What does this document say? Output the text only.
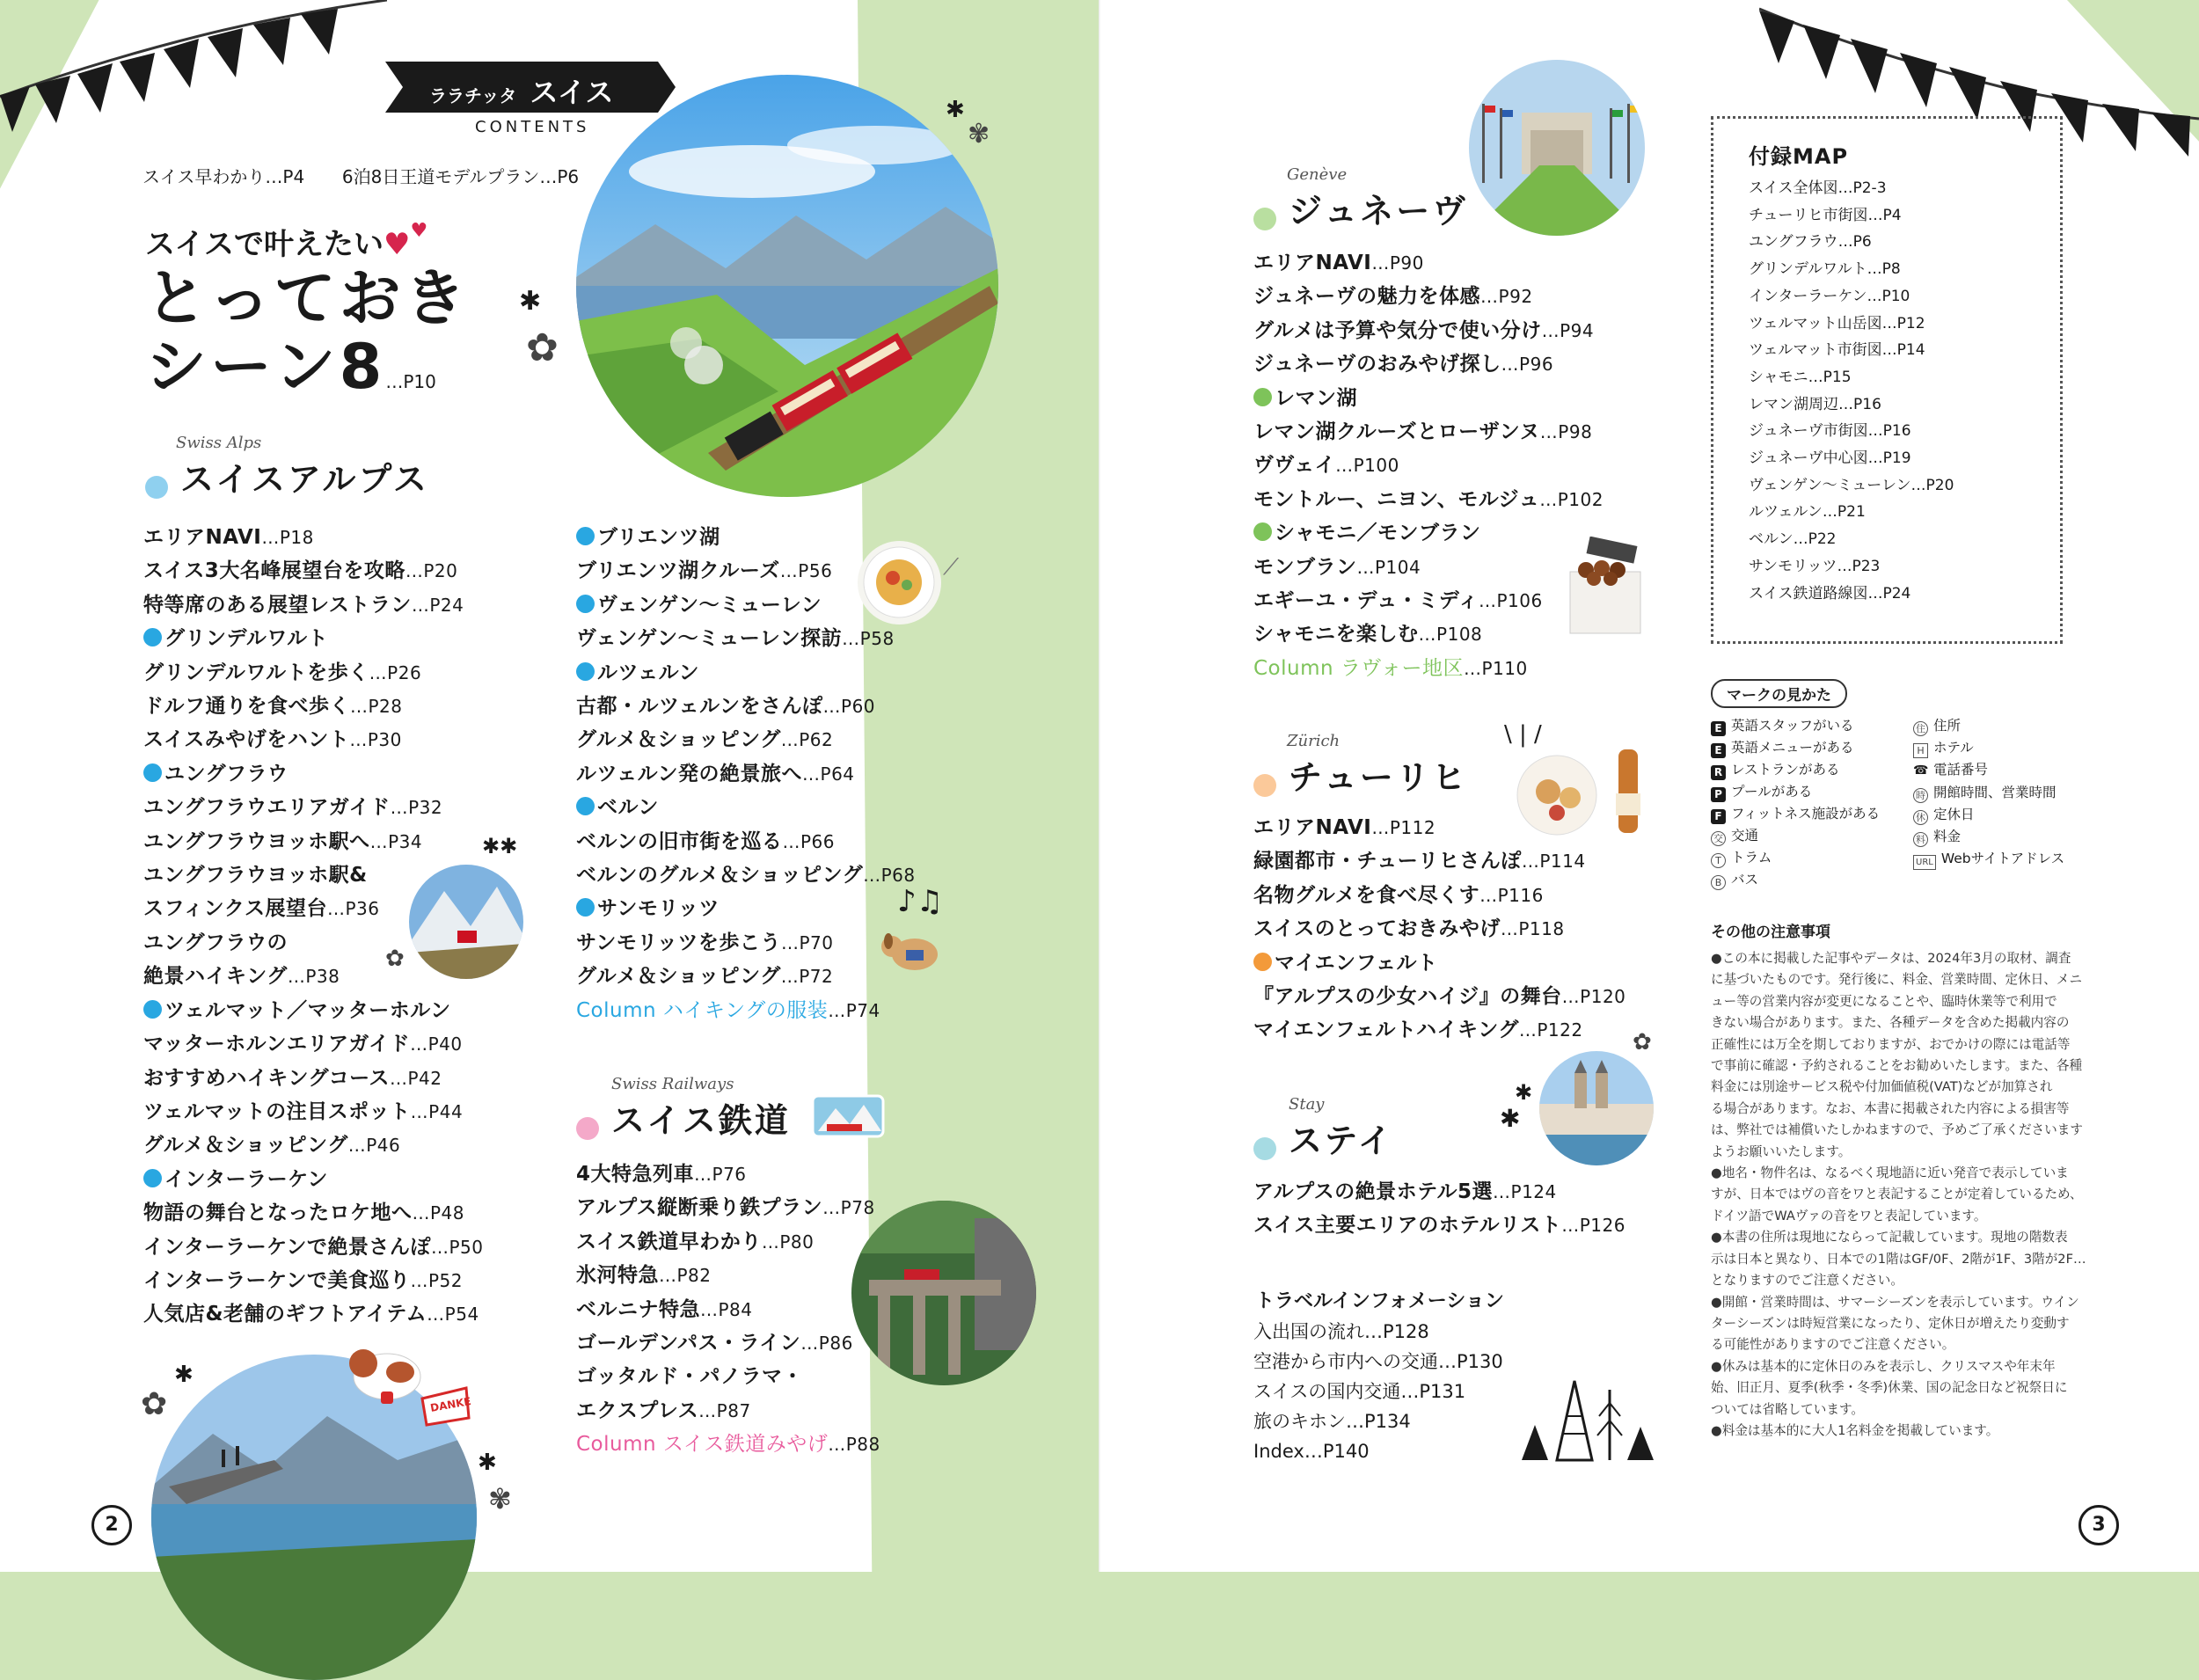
ララチッタ スイス
CONTENTS
スイス早わかり…P4 6泊8日王道モデルプラン…P6
スイスで叶えたい♥♥
とっておき
シーン8…P10
✱
✿
✱
✾
Swiss Alps
スイスアルプス
エリアNAVI…P18
スイス3大名峰展望台を攻略…P20
特等席のある展望レストラン…P24
グリンデルワルト
グリンデルワルトを歩く…P26
ドルフ通りを食べ歩く…P28
スイスみやげをハント…P30
ユングフラウ
ユングフラウエリアガイド…P32
ユングフラウヨッホ駅へ…P34
ユングフラウヨッホ駅&
スフィンクス展望台…P36
ユングフラウの
絶景ハイキング…P38
ツェルマット／マッターホルン
マッターホルンエリアガイド…P40
おすすめハイキングコース…P42
ツェルマットの注目スポット…P44
グルメ＆ショッピング…P46
インターラーケン
物語の舞台となったロケ地へ…P48
インターラーケンで絶景さんぽ…P50
インターラーケンで美食巡り…P52
人気店&老舗のギフトアイテム…P54
✱✱
✿
ブリエンツ湖
ブリエンツ湖クルーズ…P56
ヴェンゲン～ミューレン
ヴェンゲン～ミューレン探訪…P58
ルツェルン
古都・ルツェルンをさんぽ…P60
グルメ＆ショッピング…P62
ルツェルン発の絶景旅へ…P64
ベルン
ベルンの旧市街を巡る…P66
ベルンのグルメ＆ショッピング…P68
サンモリッツ
サンモリッツを歩こう…P70
グルメ＆ショッピング…P72
Column ハイキングの服装…P74
⟋
♪♫
Swiss Railways
スイス鉄道
4大特急列車…P76
アルプス縦断乗り鉄プラン…P78
スイス鉄道早わかり…P80
氷河特急…P82
ベルニナ特急…P84
ゴールデンパス・ライン…P86
ゴッタルド・パノラマ・
エクスプレス…P87
Column スイス鉄道みやげ…P88
✱
✿
✱
✾
DANKE
2	3
Genève
ジュネーヴ
エリアNAVI…P90
ジュネーヴの魅力を体感…P92
グルメは予算や気分で使い分け…P94
ジュネーヴのおみやげ探し…P96
レマン湖
レマン湖クルーズとローザンヌ…P98
ヴヴェイ…P100
モントルー、ニヨン、モルジュ…P102
シャモニ／モンブラン
モンブラン…P104
エギーユ・デュ・ミディ…P106
シャモニを楽しむ…P108
Column ラヴォー地区…P110
Zürich
チューリヒ
\ | /
エリアNAVI…P112
緑園都市・チューリヒさんぽ…P114
名物グルメを食べ尽くす…P116
スイスのとっておきみやげ…P118
マイエンフェルト
『アルプスの少女ハイジ』の舞台…P120
マイエンフェルトハイキング…P122	✿
✱
✱
Stay
ステイ
アルプスの絶景ホテル5選…P124
スイス主要エリアのホテルリスト…P126
トラベルインフォメーション
入出国の流れ…P128
空港から市内への交通…P130
スイスの国内交通…P131
旅のキホン…P134
Index…P140
付録MAP
スイス全体図…P2-3
チューリヒ市街図…P4
ユングフラウ…P6
グリンデルワルト…P8
インターラーケン…P10
ツェルマット山岳図…P12
ツェルマット市街図…P14
シャモニ…P15
レマン湖周辺…P16
ジュネーヴ市街図…P16
ジュネーヴ中心図…P19
ヴェンゲン～ミューレン…P20
ルツェルン…P21
ベルン…P22
サンモリッツ…P23
スイス鉄道路線図…P24
マークの見かた
E 英語スタッフがいる
E 英語メニューがある
R レストランがある
P プールがある
F フィットネス施設がある
交 交通
T トラム
B バス
住 住所
H ホテル
☎ 電話番号
時 開館時間、営業時間
休 定休日
料 料金
URL Webサイトアドレス
その他の注意事項

●この本に掲載した記事やデータは、2024年3月の取材、調査

に基づいたものです。発行後に、料金、営業時間、定休日、メニ

ュー等の営業内容が変更になることや、臨時休業等で利用で

きない場合があります。また、各種データを含めた掲載内容の

正確性には万全を期しておりますが、おでかけの際には電話等

で事前に確認・予約されることをお勧めいたします。また、各種

料金には別途サービス税や付加価値税(VAT)などが加算され

る場合があります。なお、本書に掲載された内容による損害等

は、弊社では補償いたしかねますので、予めご了承くださいます

ようお願いいたします。

●地名・物件名は、なるべく現地語に近い発音で表示していま

すが、日本ではヴの音をワと表記することが定着しているため、

ドイツ語でWAヴァの音をワと表記しています。

●本書の住所は現地にならって記載しています。現地の階数表

示は日本と異なり、日本での1階はGF/0F、2階が1F、3階が2F…

となりますのでご注意ください。

●開館・営業時間は、サマーシーズンを表示しています。ウイン

ターシーズンは時短営業になったり、定休日が増えたり変動す

る可能性がありますのでご注意ください。

●休みは基本的に定休日のみを表示し、クリスマスや年末年

始、旧正月、夏季(秋季・冬季)休業、国の記念日など祝祭日に

ついては省略しています。

●料金は基本的に大人1名料金を掲載しています。
